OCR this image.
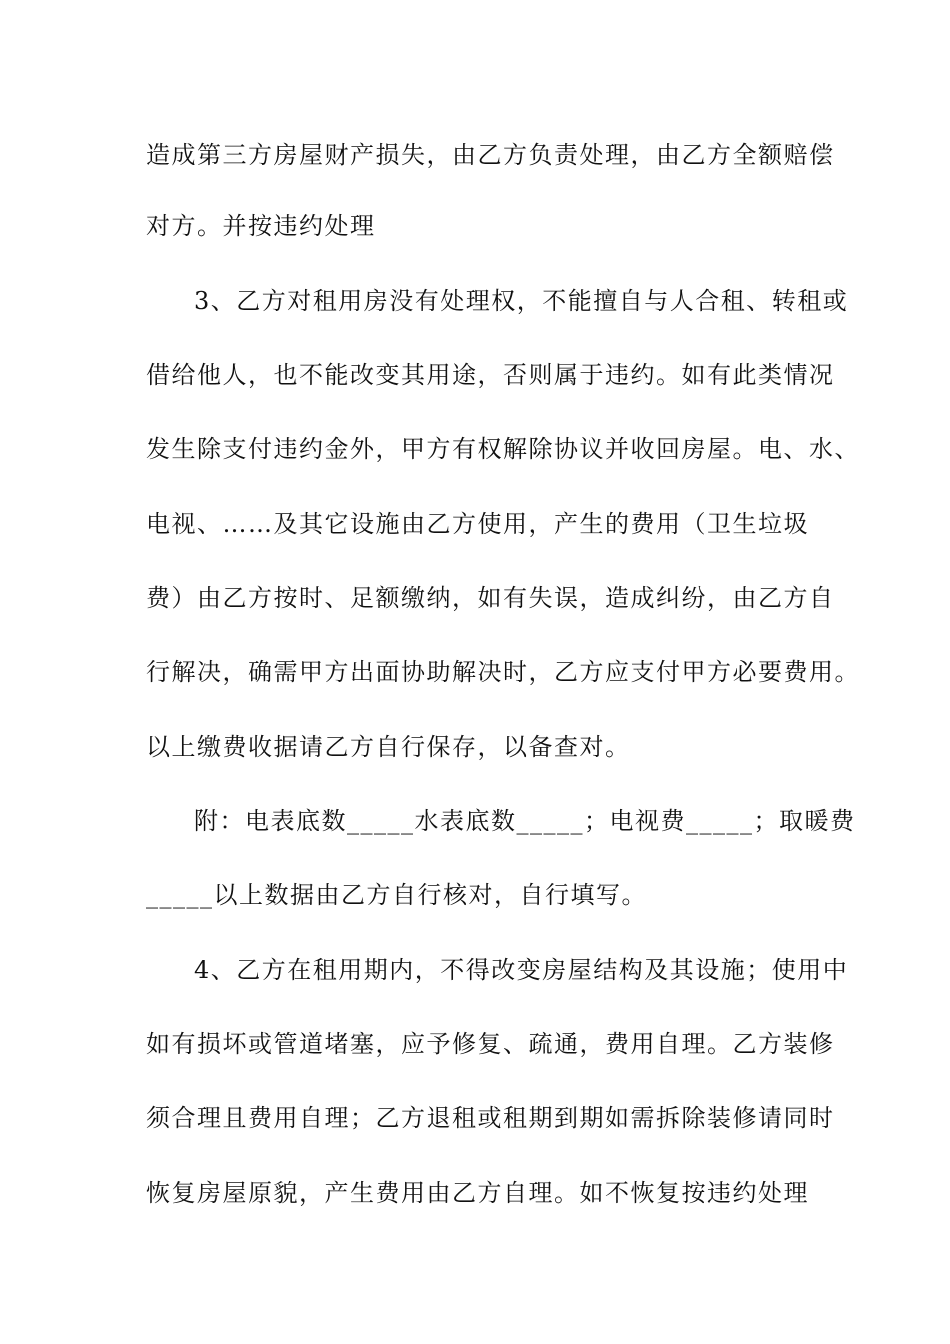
造成第三方房屋财产损失，由乙方负责处理，由乙方全额赔偿
对方。并按违约处理
3、乙方对租用房没有处理权，不能擅自与人合租、转租或
借给他人，也不能改变其用途，否则属于违约。如有此类情况
发生除支付违约金外，甲方有权解除协议并收回房屋。电、水、
电视、……及其它设施由乙方使用，产生的费用（卫生垃圾
费）由乙方按时、足额缴纳，如有失误，造成纠纷，由乙方自
行解决，确需甲方出面协助解决时，乙方应支付甲方必要费用。
以上缴费收据请乙方自行保存，以备查对。
附：电表底数_____水表底数_____；电视费_____；取暖费
_____以上数据由乙方自行核对，自行填写。
4、乙方在租用期内，不得改变房屋结构及其设施；使用中
如有损坏或管道堵塞，应予修复、疏通，费用自理。乙方装修
须合理且费用自理；乙方退租或租期到期如需拆除装修请同时
恢复房屋原貌，产生费用由乙方自理。如不恢复按违约处理
